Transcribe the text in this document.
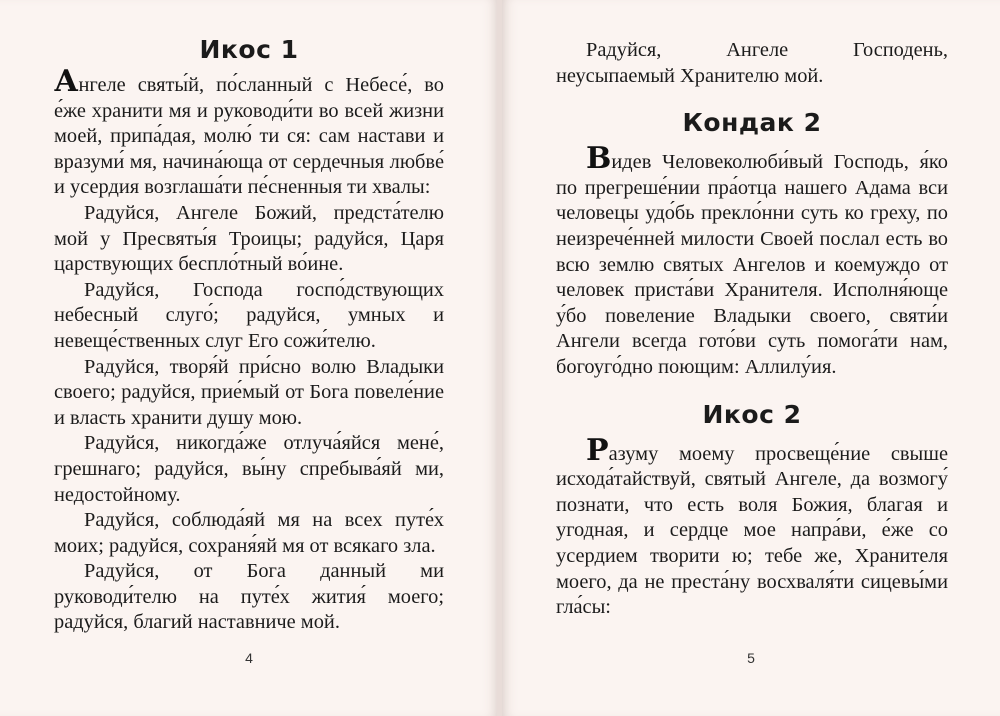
Икос 1

Ангеле святы́й, по́сланный с Небесе́, во е́же хранити мя и руководи́ти во всей жизни моей, припа́дая, молю́ ти ся: сам настави и вразуми́ мя, начина́юща от сердечныя любве́ и усердия возглаша́ти пе́сненныя ти хвалы:

Радуйся, Ангеле Божий, предста́телю мой у Пресвяты́я Троицы; радуйся, Царя царствующих беспло́тный во́ине.

Радуйся, Господа госпо́дствующих небесный слуго́; радуйся, умных и невеще́ственных слуг Его сожи́телю.

Радуйся, творя́й при́сно волю Владыки своего; радуйся, прие́мый от Бога повеле́ние и власть хранити душу мою.

Радуйся, никогда́же отлуча́яйся мене́, грешнаго; радуйся, вы́ну спребыва́яй ми, недостойному.

Радуйся, соблюда́яй мя на всех путе́х моих; радуйся, сохраня́яй мя от всякаго зла.

Радуйся, от Бога данный ми руководи́телю на путе́х жития́ моего; радуйся, благий наставниче мой.

4

Радуйся, Ангеле Господень, неусыпаемый Хранителю мой.

Кондак 2

Видев Человеколюби́вый Господь, я́ко по прегреше́нии пра́отца нашего Адама вси человецы удо́бь прекло́нни суть ко греху, по неизрече́нней милости Своей послал есть во всю землю святых Ангелов и коемуждо от человек приста́ви Хранителя. Исполня́юще у́бо повеление Владыки своего, святи́и Ангели всегда гото́ви суть помога́ти нам, богоуго́дно поющим: Аллилу́ия.

Икос 2

Разуму моему просвеще́ние свыше исхода́тайствуй, святый Ангеле, да возмогу́ познати, что есть воля Божия, благая и угодная, и сердце мое напра́ви, е́же со усердием творити ю; тебе же, Хранителя моего, да не преста́ну восхваля́ти сицевы́ми гла́сы:

5
